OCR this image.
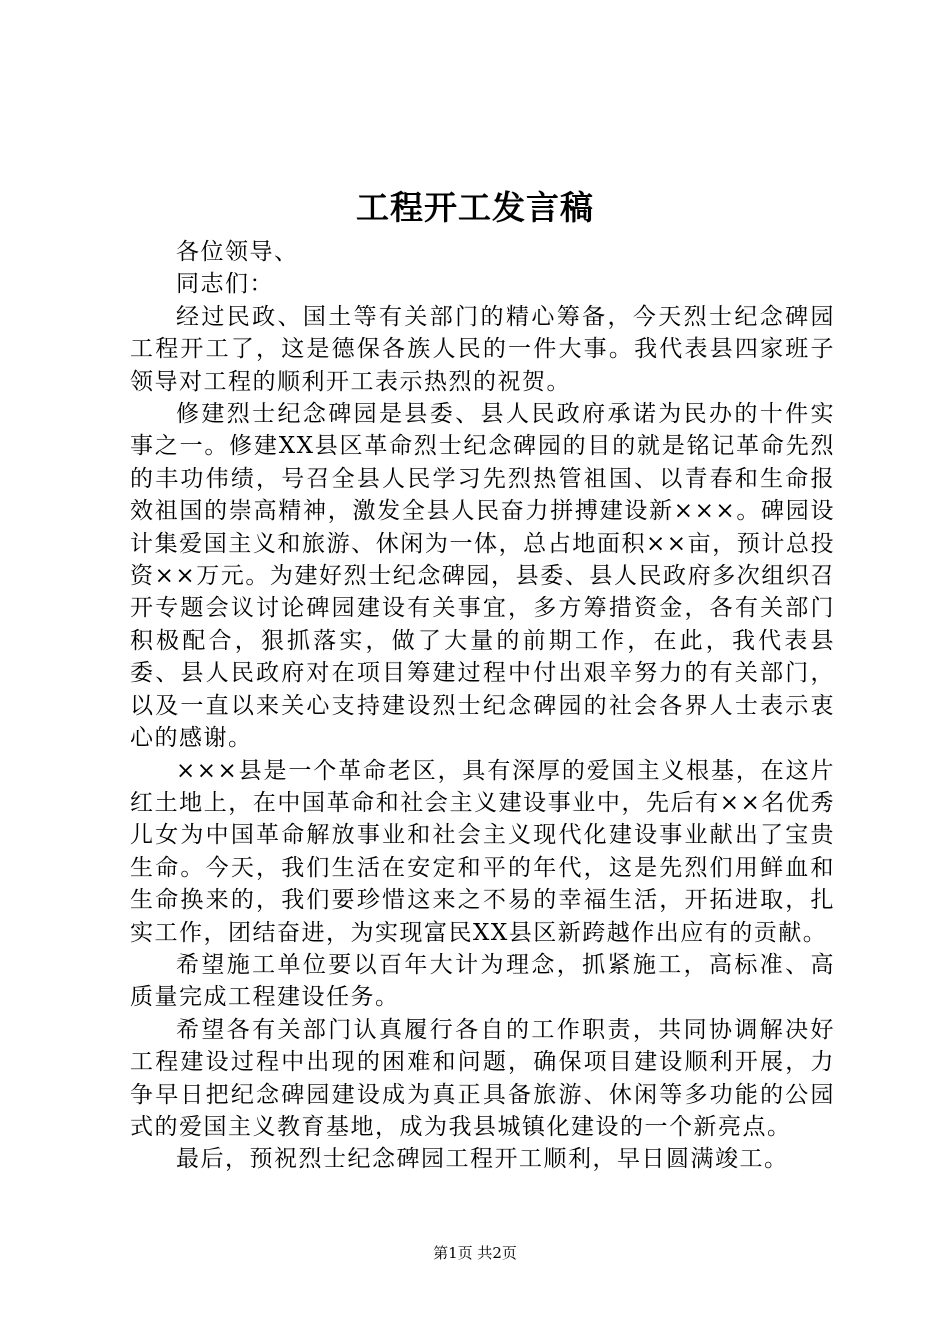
工程开工发言稿

各位领导、

同志们：

经过民政、国土等有关部门的精心筹备，今天烈士纪念碑园工程开工了，这是德保各族人民的一件大事。我代表县四家班子领导对工程的顺利开工表示热烈的祝贺。

修建烈士纪念碑园是县委、县人民政府承诺为民办的十件实事之一。修建XX县区革命烈士纪念碑园的目的就是铭记革命先烈的丰功伟绩，号召全县人民学习先烈热管祖国、以青春和生命报效祖国的崇高精神，激发全县人民奋力拼搏建设新×××。碑园设计集爱国主义和旅游、休闲为一体，总占地面积××亩，预计总投资××万元。为建好烈士纪念碑园，县委、县人民政府多次组织召开专题会议讨论碑园建设有关事宜，多方筹措资金，各有关部门积极配合，狠抓落实，做了大量的前期工作，在此，我代表县委、县人民政府对在项目筹建过程中付出艰辛努力的有关部门，以及一直以来关心支持建设烈士纪念碑园的社会各界人士表示衷心的感谢。

×××县是一个革命老区，具有深厚的爱国主义根基，在这片红土地上，在中国革命和社会主义建设事业中，先后有××名优秀儿女为中国革命解放事业和社会主义现代化建设事业献出了宝贵生命。今天，我们生活在安定和平的年代，这是先烈们用鲜血和生命换来的，我们要珍惜这来之不易的幸福生活，开拓进取，扎实工作，团结奋进，为实现富民XX县区新跨越作出应有的贡献。

希望施工单位要以百年大计为理念，抓紧施工，高标准、高质量完成工程建设任务。

希望各有关部门认真履行各自的工作职责，共同协调解决好工程建设过程中出现的困难和问题，确保项目建设顺利开展，力争早日把纪念碑园建设成为真正具备旅游、休闲等多功能的公园式的爱国主义教育基地，成为我县城镇化建设的一个新亮点。

最后，预祝烈士纪念碑园工程开工顺利，早日圆满竣工。

第1页 共2页
